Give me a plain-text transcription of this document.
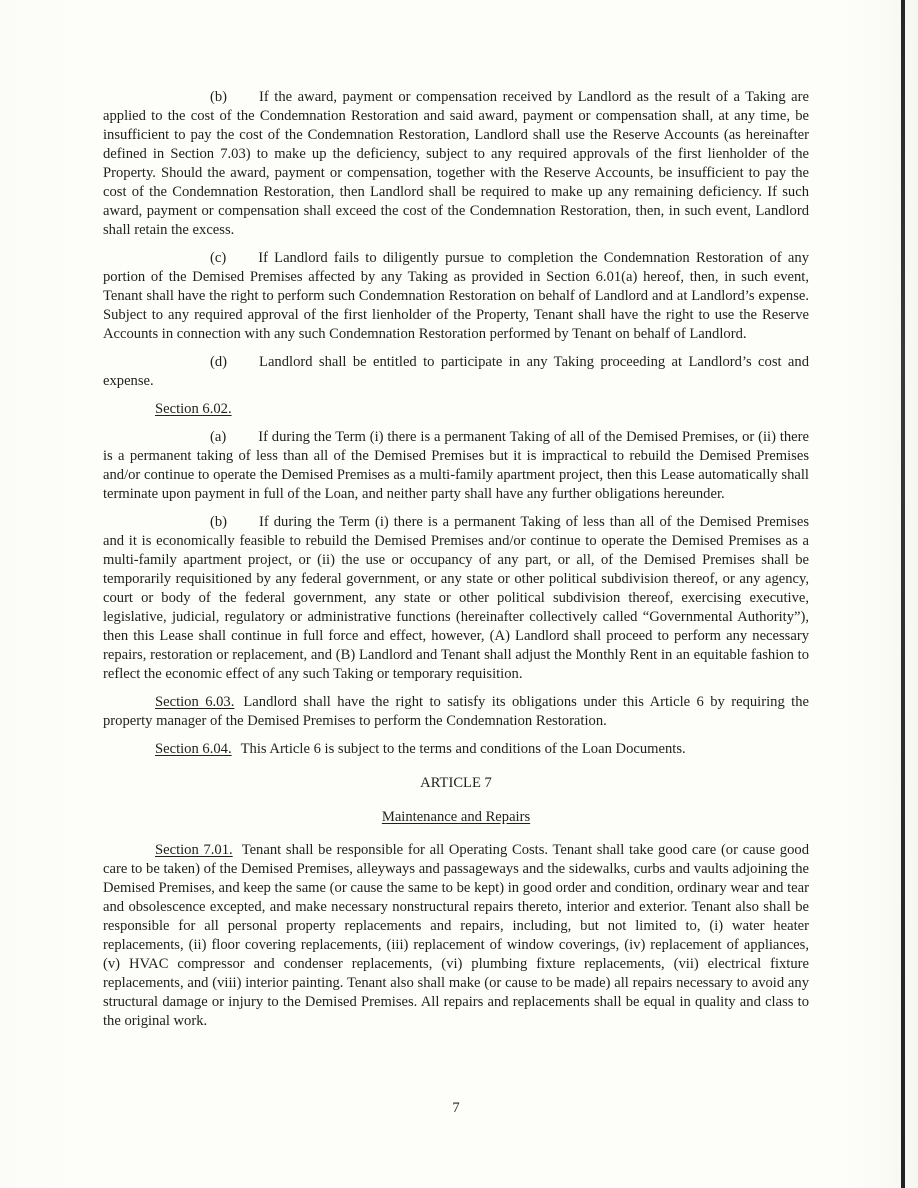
(b) If the award, payment or compensation received by Landlord as the result of a Taking are applied to the cost of the Condemnation Restoration and said award, payment or compensation shall, at any time, be insufficient to pay the cost of the Condemnation Restoration, Landlord shall use the Reserve Accounts (as hereinafter defined in Section 7.03) to make up the deficiency, subject to any required approvals of the first lienholder of the Property. Should the award, payment or compensation, together with the Reserve Accounts, be insufficient to pay the cost of the Condemnation Restoration, then Landlord shall be required to make up any remaining deficiency. If such award, payment or compensation shall exceed the cost of the Condemnation Restoration, then, in such event, Landlord shall retain the excess.

(c) If Landlord fails to diligently pursue to completion the Condemnation Restoration of any portion of the Demised Premises affected by any Taking as provided in Section 6.01(a) hereof, then, in such event, Tenant shall have the right to perform such Condemnation Restoration on behalf of Landlord and at Landlord’s expense. Subject to any required approval of the first lienholder of the Property, Tenant shall have the right to use the Reserve Accounts in connection with any such Condemnation Restoration performed by Tenant on behalf of Landlord.

(d) Landlord shall be entitled to participate in any Taking proceeding at Landlord’s cost and expense.

Section 6.02.

(a) If during the Term (i) there is a permanent Taking of all of the Demised Premises, or (ii) there is a permanent taking of less than all of the Demised Premises but it is impractical to rebuild the Demised Premises and/or continue to operate the Demised Premises as a multi-family apartment project, then this Lease automatically shall terminate upon payment in full of the Loan, and neither party shall have any further obligations hereunder.

(b) If during the Term (i) there is a permanent Taking of less than all of the Demised Premises and it is economically feasible to rebuild the Demised Premises and/or continue to operate the Demised Premises as a multi-family apartment project, or (ii) the use or occupancy of any part, or all, of the Demised Premises shall be temporarily requisitioned by any federal government, or any state or other political subdivision thereof, or any agency, court or body of the federal government, any state or other political subdivision thereof, exercising executive, legislative, judicial, regulatory or administrative functions (hereinafter collectively called “Governmental Authority”), then this Lease shall continue in full force and effect, however, (A) Landlord shall proceed to perform any necessary repairs, restoration or replacement, and (B) Landlord and Tenant shall adjust the Monthly Rent in an equitable fashion to reflect the economic effect of any such Taking or temporary requisition.

Section 6.03. Landlord shall have the right to satisfy its obligations under this Article 6 by requiring the property manager of the Demised Premises to perform the Condemnation Restoration.

Section 6.04. This Article 6 is subject to the terms and conditions of the Loan Documents.

ARTICLE 7

Maintenance and Repairs

Section 7.01. Tenant shall be responsible for all Operating Costs. Tenant shall take good care (or cause good care to be taken) of the Demised Premises, alleyways and passageways and the sidewalks, curbs and vaults adjoining the Demised Premises, and keep the same (or cause the same to be kept) in good order and condition, ordinary wear and tear and obsolescence excepted, and make necessary nonstructural repairs thereto, interior and exterior. Tenant also shall be responsible for all personal property replacements and repairs, including, but not limited to, (i) water heater replacements, (ii) floor covering replacements, (iii) replacement of window coverings, (iv) replacement of appliances, (v) HVAC compressor and condenser replacements, (vi) plumbing fixture replacements, (vii) electrical fixture replacements, and (viii) interior painting. Tenant also shall make (or cause to be made) all repairs necessary to avoid any structural damage or injury to the Demised Premises. All repairs and replacements shall be equal in quality and class to the original work.

7
